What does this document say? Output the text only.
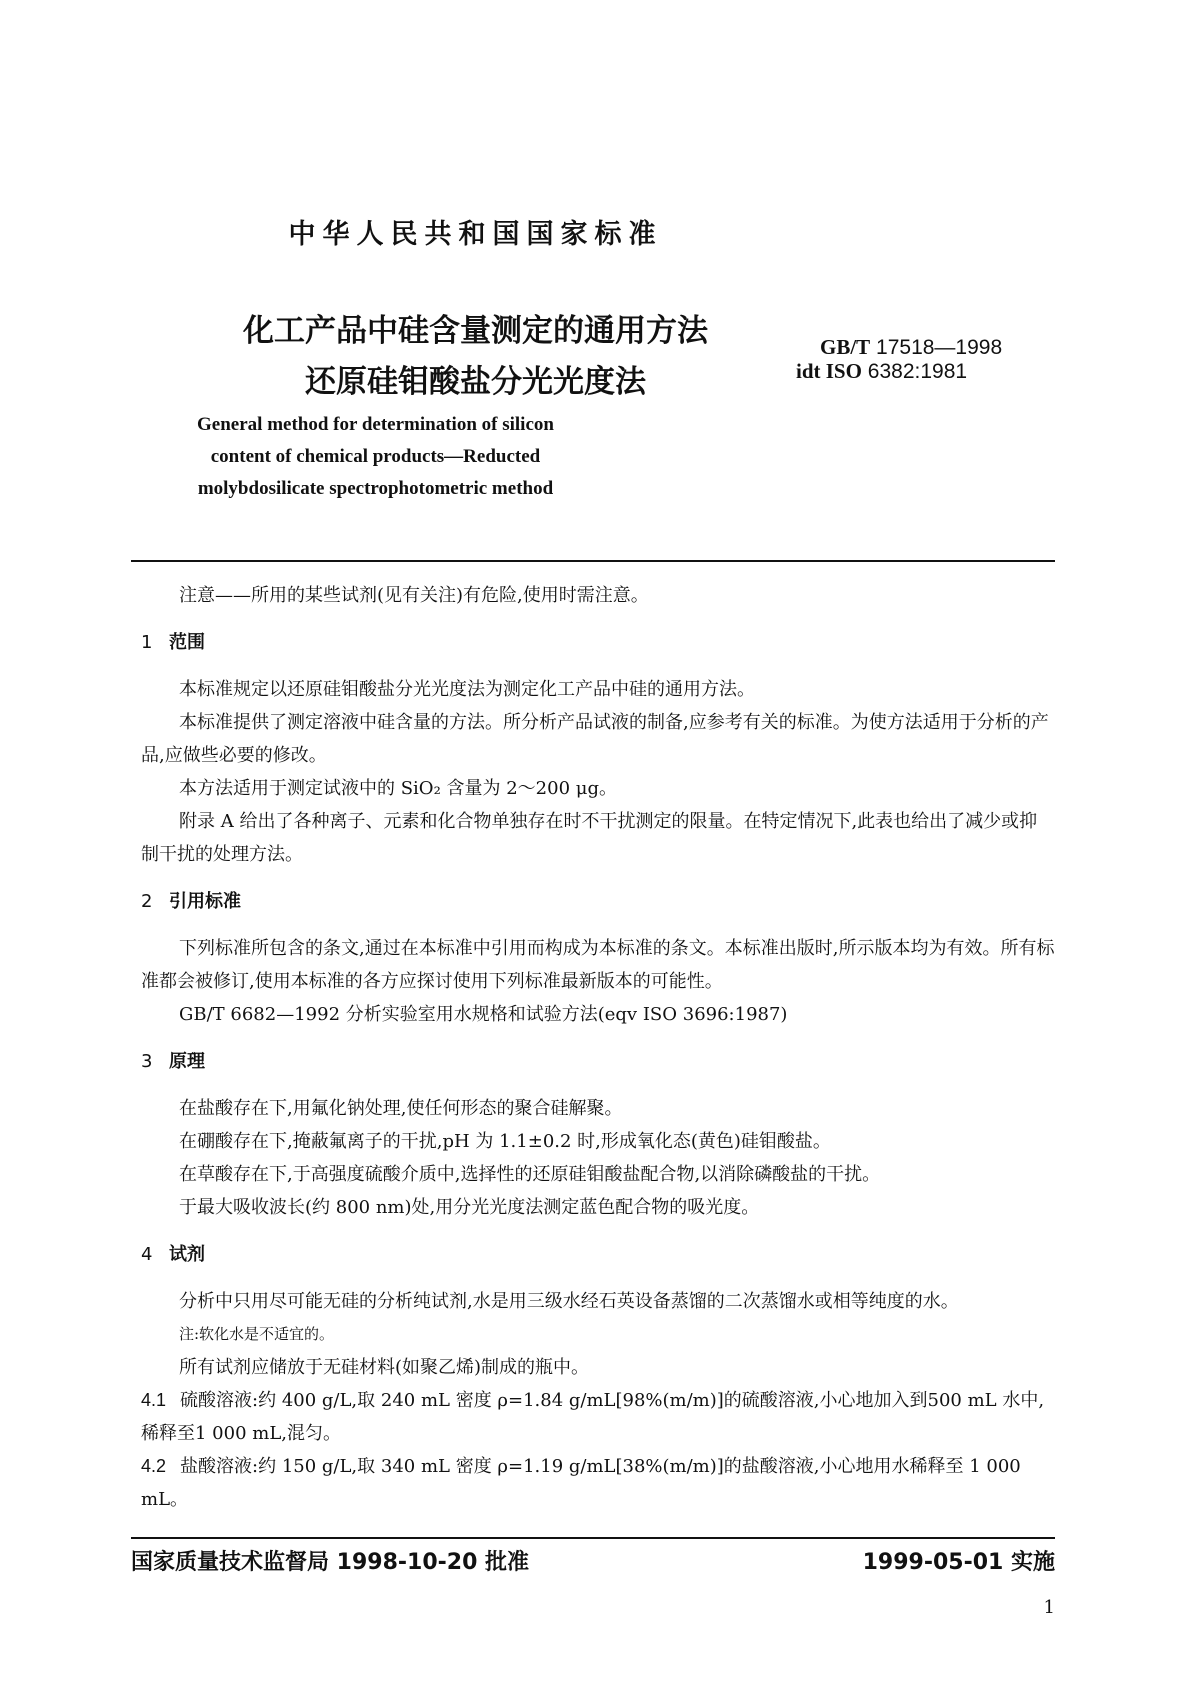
中华人民共和国国家标准
化工产品中硅含量测定的通用方法
还原硅钼酸盐分光光度法
GB/T 17518—1998
idt ISO 6382:1981
General method for determination of silicon
content of chemical products—Reducted
molybdosilicate spectrophotometric method

注意——所用的某些试剂(见有关注)有危险,使用时需注意。

1 范围

本标准规定以还原硅钼酸盐分光光度法为测定化工产品中硅的通用方法。

本标准提供了测定溶液中硅含量的方法。所分析产品试液的制备,应参考有关的标准。为使方法适用于分析的产品,应做些必要的修改。

本方法适用于测定试液中的 SiO₂ 含量为 2～200 μg。

附录 A 给出了各种离子、元素和化合物单独存在时不干扰测定的限量。在特定情况下,此表也给出了减少或抑制干扰的处理方法。

2 引用标准

下列标准所包含的条文,通过在本标准中引用而构成为本标准的条文。本标准出版时,所示版本均为有效。所有标准都会被修订,使用本标准的各方应探讨使用下列标准最新版本的可能性。

GB/T 6682—1992 分析实验室用水规格和试验方法(eqv ISO 3696:1987)

3 原理

在盐酸存在下,用氟化钠处理,使任何形态的聚合硅解聚。

在硼酸存在下,掩蔽氟离子的干扰,pH 为 1.1±0.2 时,形成氧化态(黄色)硅钼酸盐。

在草酸存在下,于高强度硫酸介质中,选择性的还原硅钼酸盐配合物,以消除磷酸盐的干扰。

于最大吸收波长(约 800 nm)处,用分光光度法测定蓝色配合物的吸光度。

4 试剂

分析中只用尽可能无硅的分析纯试剂,水是用三级水经石英设备蒸馏的二次蒸馏水或相等纯度的水。

注:软化水是不适宜的。

所有试剂应储放于无硅材料(如聚乙烯)制成的瓶中。

4.1 硫酸溶液:约 400 g/L,取 240 mL 密度 ρ=1.84 g/mL[98%(m/m)]的硫酸溶液,小心地加入到500 mL 水中,稀释至1 000 mL,混匀。

4.2 盐酸溶液:约 150 g/L,取 340 mL 密度 ρ=1.19 g/mL[38%(m/m)]的盐酸溶液,小心地用水稀释至 1 000 mL。

国家质量技术监督局 1998-10-20 批准	1999-05-01 实施
1
